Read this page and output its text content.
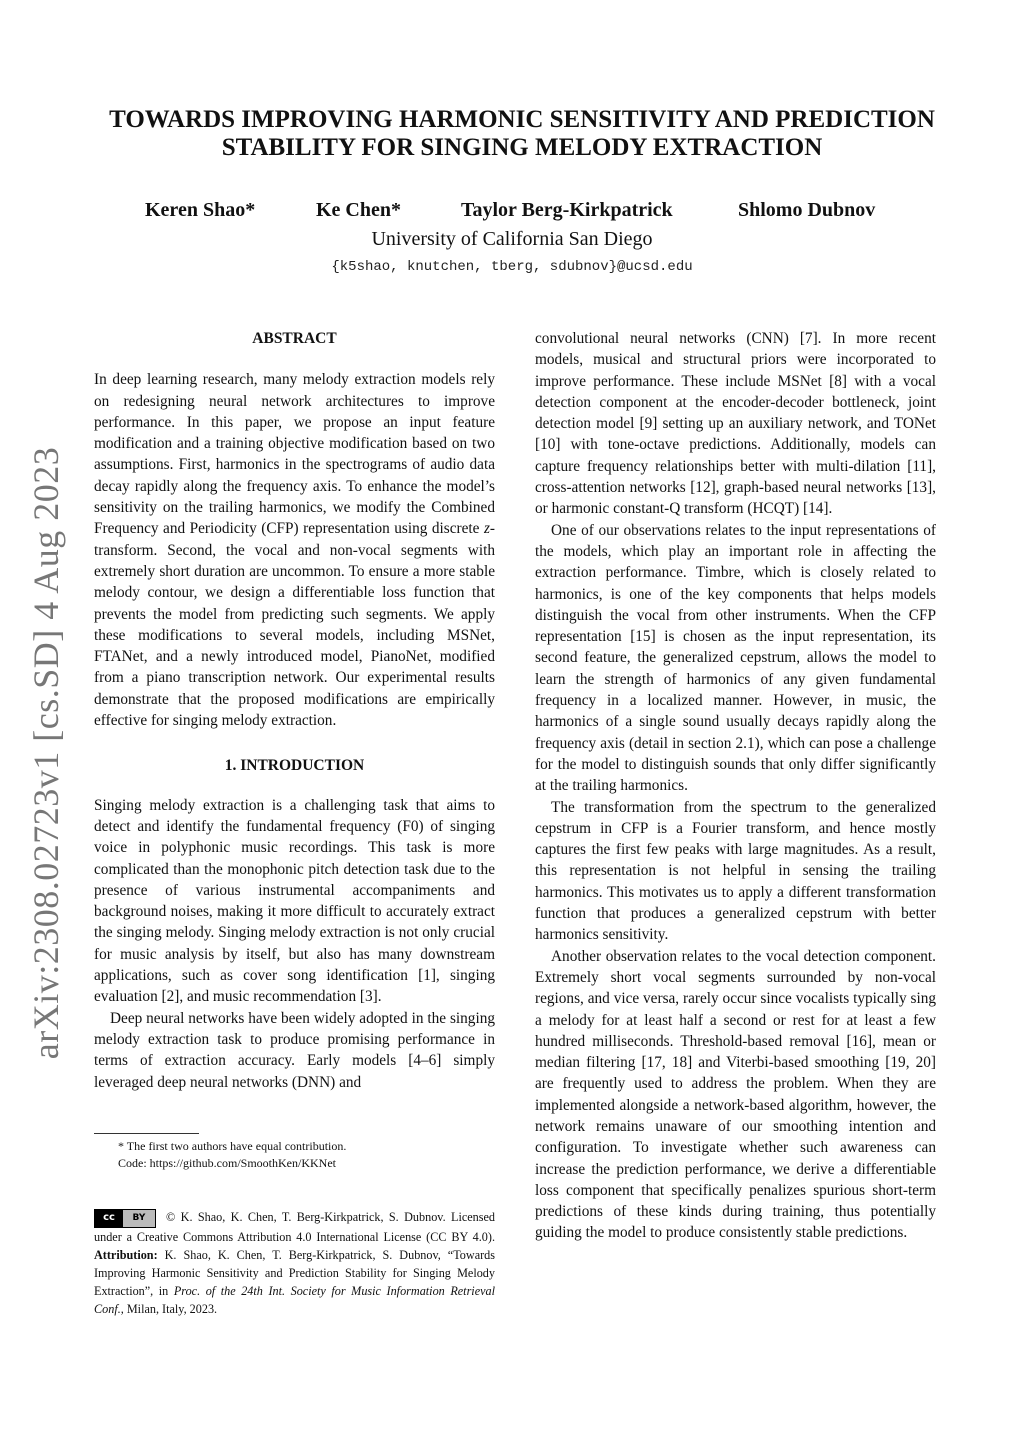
arXiv:2308.02723v1 [cs.SD] 4 Aug 2023
TOWARDS IMPROVING HARMONIC SENSITIVITY AND PREDICTION
STABILITY FOR SINGING MELODY EXTRACTION
Keren Shao*	Ke Chen*	Taylor Berg-Kirkpatrick	Shlomo Dubnov
University of California San Diego
{k5shao, knutchen, tberg, sdubnov}@ucsd.edu
ABSTRACT

In deep learning research, many melody extraction models rely on redesigning neural network architectures to improve performance. In this paper, we propose an input feature modification and a training objective modification based on two assumptions. First, harmonics in the spectrograms of audio data decay rapidly along the frequency axis. To enhance the model’s sensitivity on the trailing harmonics, we modify the Combined Frequency and Periodicity (CFP) representation using discrete z-transform. Second, the vocal and non-vocal segments with extremely short duration are uncommon. To ensure a more stable melody contour, we design a differentiable loss function that prevents the model from predicting such segments. We apply these modifications to several models, including MSNet, FTANet, and a newly introduced model, PianoNet, modified from a piano transcription network. Our experimental results demonstrate that the proposed modifications are empirically effective for singing melody extraction.

1. INTRODUCTION

Singing melody extraction is a challenging task that aims to detect and identify the fundamental frequency (F0) of singing voice in polyphonic music recordings. This task is more complicated than the monophonic pitch detection task due to the presence of various instrumental accompaniments and background noises, making it more difficult to accurately extract the singing melody. Singing melody extraction is not only crucial for music analysis by itself, but also has many downstream applications, such as cover song identification [1], singing evaluation [2], and music recommendation [3].

Deep neural networks have been widely adopted in the singing melody extraction task to produce promising performance in terms of extraction accuracy. Early models [4–6] simply leveraged deep neural networks (DNN) and

* The first two authors have equal contribution.
Code: https://github.com/SmoothKen/KKNet
cc	BY	© K. Shao, K. Chen, T. Berg-Kirkpatrick, S. Dubnov. Licensed under a Creative Commons Attribution 4.0 International License (CC BY 4.0). Attribution: K. Shao, K. Chen, T. Berg-Kirkpatrick, S. Dubnov, “Towards Improving Harmonic Sensitivity and Prediction Stability for Singing Melody Extraction”, in Proc. of the 24th Int. Society for Music Information Retrieval Conf., Milan, Italy, 2023.

convolutional neural networks (CNN) [7]. In more recent models, musical and structural priors were incorporated to improve performance. These include MSNet [8] with a vocal detection component at the encoder-decoder bottleneck, joint detection model [9] setting up an auxiliary network, and TONet [10] with tone-octave predictions. Additionally, models can capture frequency relationships better with multi-dilation [11], cross-attention networks [12], graph-based neural networks [13], or harmonic constant-Q transform (HCQT) [14].

One of our observations relates to the input representations of the models, which play an important role in affecting the extraction performance. Timbre, which is closely related to harmonics, is one of the key components that helps models distinguish the vocal from other instruments. When the CFP representation [15] is chosen as the input representation, its second feature, the generalized cepstrum, allows the model to learn the strength of harmonics of any given fundamental frequency in a localized manner. However, in music, the harmonics of a single sound usually decays rapidly along the frequency axis (detail in section 2.1), which can pose a challenge for the model to distinguish sounds that only differ significantly at the trailing harmonics.

The transformation from the spectrum to the generalized cepstrum in CFP is a Fourier transform, and hence mostly captures the first few peaks with large magnitudes. As a result, this representation is not helpful in sensing the trailing harmonics. This motivates us to apply a different transformation function that produces a generalized cepstrum with better harmonics sensitivity.

Another observation relates to the vocal detection component. Extremely short vocal segments surrounded by non-vocal regions, and vice versa, rarely occur since vocalists typically sing a melody for at least half a second or rest for at least a few hundred milliseconds. Threshold-based removal [16], mean or median filtering [17, 18] and Viterbi-based smoothing [19, 20] are frequently used to address the problem. When they are implemented alongside a network-based algorithm, however, the network remains unaware of our smoothing intention and configuration. To investigate whether such awareness can increase the prediction performance, we derive a differentiable loss component that specifically penalizes spurious short-term predictions of these kinds during training, thus potentially guiding the model to produce consistently stable predictions.
